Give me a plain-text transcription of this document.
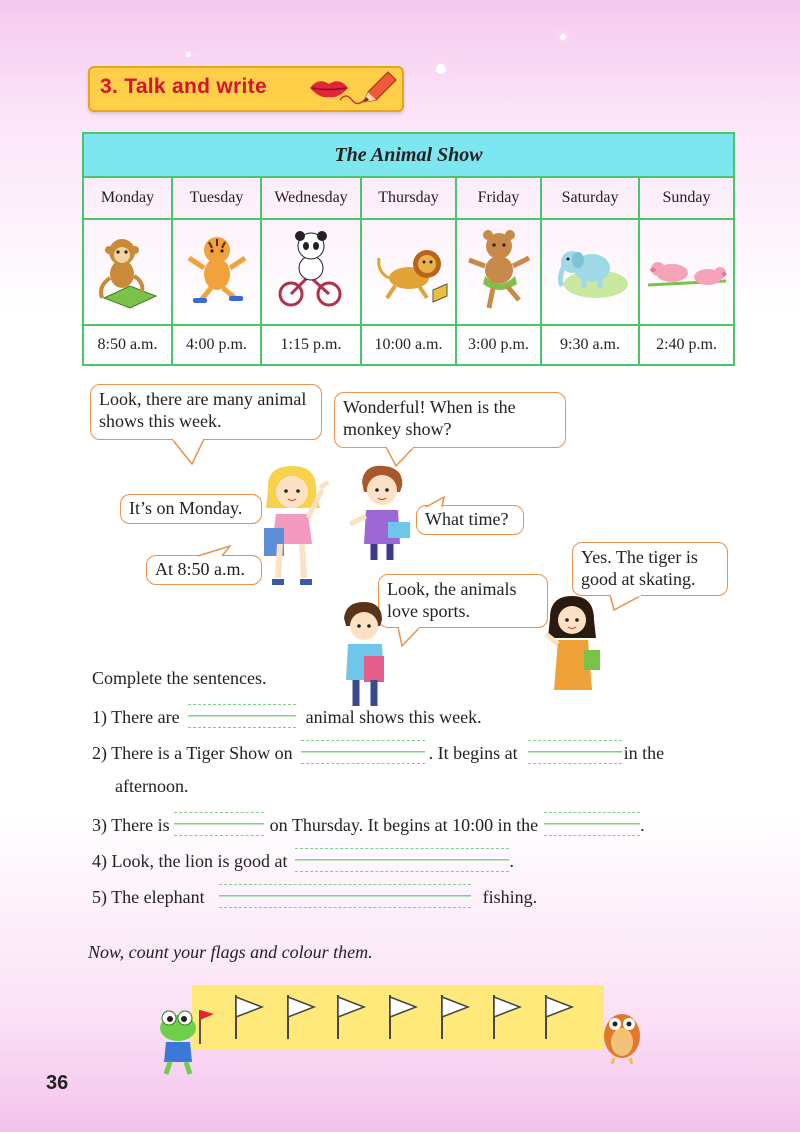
3. Talk and write
The Animal Show						
Monday	Tuesday	Wednesday	Thursday	Friday	Saturday	Sunday

8:50 a.m.	4:00 p.m.	1:15 p.m.	10:00 a.m.	3:00 p.m.	9:30 a.m.	2:40 p.m.
Look, there are many animal shows this week.
Wonderful! When is the monkey show?
It’s on Monday.
What time?
At 8:50 a.m.
Look, the animals love sports.
Yes. The tiger is good at skating.
Complete the sentences.
1) There are	animal shows this week.
2) There is a Tiger Show on	. It begins at	in the
afternoon.
3) There is	on Thursday. It begins at 10:00 in the	.
4) Look, the lion is good at	.
5) The elephant	fishing.
Now, count your flags and colour them.
36
